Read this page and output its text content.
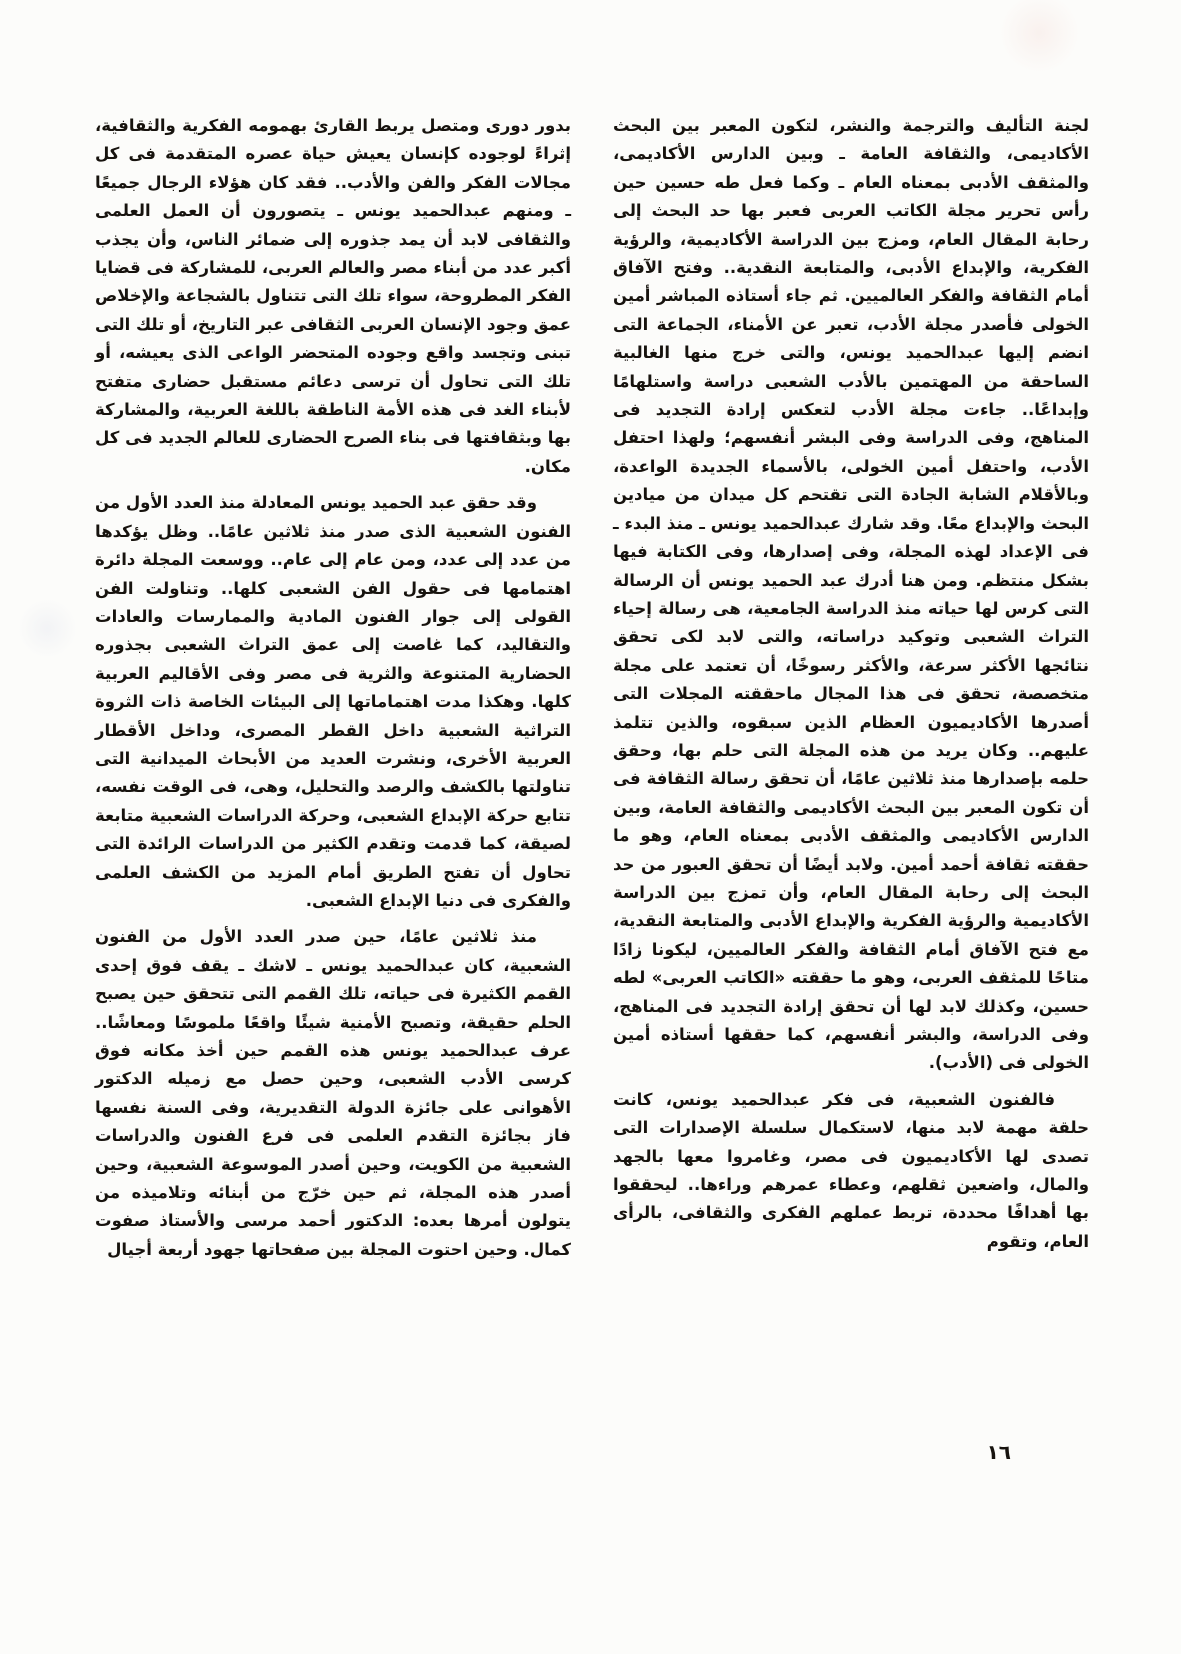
لجنة التأليف والترجمة والنشر، لتكون المعبر بين البحث الأكاديمى، والثقافة العامة ـ وبين الدارس الأكاديمى، والمثقف الأدبى بمعناه العام ـ وكما فعل طه حسين حين رأس تحرير مجلة الكاتب العربى فعبر بها حد البحث إلى رحابة المقال العام، ومزج بين الدراسة الأكاديمية، والرؤية الفكرية، والإبداع الأدبى، والمتابعة النقدية.. وفتح الآفاق أمام الثقافة والفكر العالميين. ثم جاء أستاذه المباشر أمين الخولى فأصدر مجلة الأدب، تعبر عن الأمناء، الجماعة التى انضم إليها عبدالحميد يونس، والتى خرج منها الغالبية الساحقة من المهتمين بالأدب الشعبى دراسة واستلهامًا وإبداعًا.. جاءت مجلة الأدب لتعكس إرادة التجديد فى المناهج، وفى الدراسة وفى البشر أنفسهم؛ ولهذا احتفل الأدب، واحتفل أمين الخولى، بالأسماء الجديدة الواعدة، وبالأقلام الشابة الجادة التى تقتحم كل ميدان من ميادين البحث والإبداع معًا. وقد شارك عبدالحميد يونس ـ منذ البدء ـ فى الإعداد لهذه المجلة، وفى إصدارها، وفى الكتابة فيها بشكل منتظم. ومن هنا أدرك عبد الحميد يونس أن الرسالة التى كرس لها حياته منذ الدراسة الجامعية، هى رسالة إحياء التراث الشعبى وتوكيد دراساته، والتى لابد لكى تحقق نتائجها الأكثر سرعة، والأكثر رسوخًا، أن تعتمد على مجلة متخصصة، تحقق فى هذا المجال ماحققته المجلات التى أصدرها الأكاديميون العظام الذين سبقوه، والذين تتلمذ عليهم.. وكان يريد من هذه المجلة التى حلم بها، وحقق حلمه بإصدارها منذ ثلاثين عامًا، أن تحقق رسالة الثقافة فى أن تكون المعبر بين البحث الأكاديمى والثقافة العامة، وبين الدارس الأكاديمى والمثقف الأدبى بمعناه العام، وهو ما حققته ثقافة أحمد أمين. ولابد أيضًا أن تحقق العبور من حد البحث إلى رحابة المقال العام، وأن تمزج بين الدراسة الأكاديمية والرؤية الفكرية والإبداع الأدبى والمتابعة النقدية، مع فتح الآفاق أمام الثقافة والفكر العالميين، ليكونا زادًا متاحًا للمثقف العربى، وهو ما حققته «الكاتب العربى» لطه حسين، وكذلك لابد لها أن تحقق إرادة التجديد فى المناهج، وفى الدراسة، والبشر أنفسهم، كما حققها أستاذه أمين الخولى فى (الأدب).

فالفنون الشعبية، فى فكر عبدالحميد يونس، كانت حلقة مهمة لابد منها، لاستكمال سلسلة الإصدارات التى تصدى لها الأكاديميون فى مصر، وغامروا معها بالجهد والمال، واضعين ثقلهم، وعطاء عمرهم وراءها.. ليحققوا بها أهدافًا محددة، تربط عملهم الفكرى والثقافى، بالرأى العام، وتقوم

بدور دورى ومتصل يربط القارئ بهمومه الفكرية والثقافية، إثراءً لوجوده كإنسان يعيش حياة عصره المتقدمة فى كل مجالات الفكر والفن والأدب.. فقد كان هؤلاء الرجال جميعًا ـ ومنهم عبدالحميد يونس ـ يتصورون أن العمل العلمى والثقافى لابد أن يمد جذوره إلى ضمائر الناس، وأن يجذب أكبر عدد من أبناء مصر والعالم العربى، للمشاركة فى قضايا الفكر المطروحة، سواء تلك التى تتناول بالشجاعة والإخلاص عمق وجود الإنسان العربى الثقافى عبر التاريخ، أو تلك التى تبنى وتجسد واقع وجوده المتحضر الواعى الذى يعيشه، أو تلك التى تحاول أن ترسى دعائم مستقبل حضارى متفتح لأبناء الغد فى هذه الأمة الناطقة باللغة العربية، والمشاركة بها وبثقافتها فى بناء الصرح الحضارى للعالم الجديد فى كل مكان.

وقد حقق عبد الحميد يونس المعادلة منذ العدد الأول من الفنون الشعبية الذى صدر منذ ثلاثين عامًا.. وظل يؤكدها من عدد إلى عدد، ومن عام إلى عام.. ووسعت المجلة دائرة اهتمامها فى حقول الفن الشعبى كلها.. وتناولت الفن القولى إلى جوار الفنون المادية والممارسات والعادات والتقاليد، كما غاصت إلى عمق التراث الشعبى بجذوره الحضارية المتنوعة والثرية فى مصر وفى الأقاليم العربية كلها. وهكذا مدت اهتماماتها إلى البيئات الخاصة ذات الثروة التراثية الشعبية داخل القطر المصرى، وداخل الأقطار العربية الأخرى، ونشرت العديد من الأبحاث الميدانية التى تناولتها بالكشف والرصد والتحليل، وهى، فى الوقت نفسه، تتابع حركة الإبداع الشعبى، وحركة الدراسات الشعبية متابعة لصيقة، كما قدمت وتقدم الكثير من الدراسات الرائدة التى تحاول أن تفتح الطريق أمام المزيد من الكشف العلمى والفكرى فى دنيا الإبداع الشعبى.

منذ ثلاثين عامًا، حين صدر العدد الأول من الفنون الشعبية، كان عبدالحميد يونس ـ لاشك ـ يقف فوق إحدى القمم الكثيرة فى حياته، تلك القمم التى تتحقق حين يصبح الحلم حقيقة، وتصبح الأمنية شيئًا واقعًا ملموسًا ومعاشًا.. عرف عبدالحميد يونس هذه القمم حين أخذ مكانه فوق كرسى الأدب الشعبى، وحين حصل مع زميله الدكتور الأهوانى على جائزة الدولة التقديرية، وفى السنة نفسها فاز بجائزة التقدم العلمى فى فرع الفنون والدراسات الشعبية من الكويت، وحين أصدر الموسوعة الشعبية، وحين أصدر هذه المجلة، ثم حين خرّج من أبنائه وتلاميذه من يتولون أمرها بعده: الدكتور أحمد مرسى والأستاذ صفوت كمال. وحين احتوت المجلة بين صفحاتها جهود أربعة أجيال

١٦
